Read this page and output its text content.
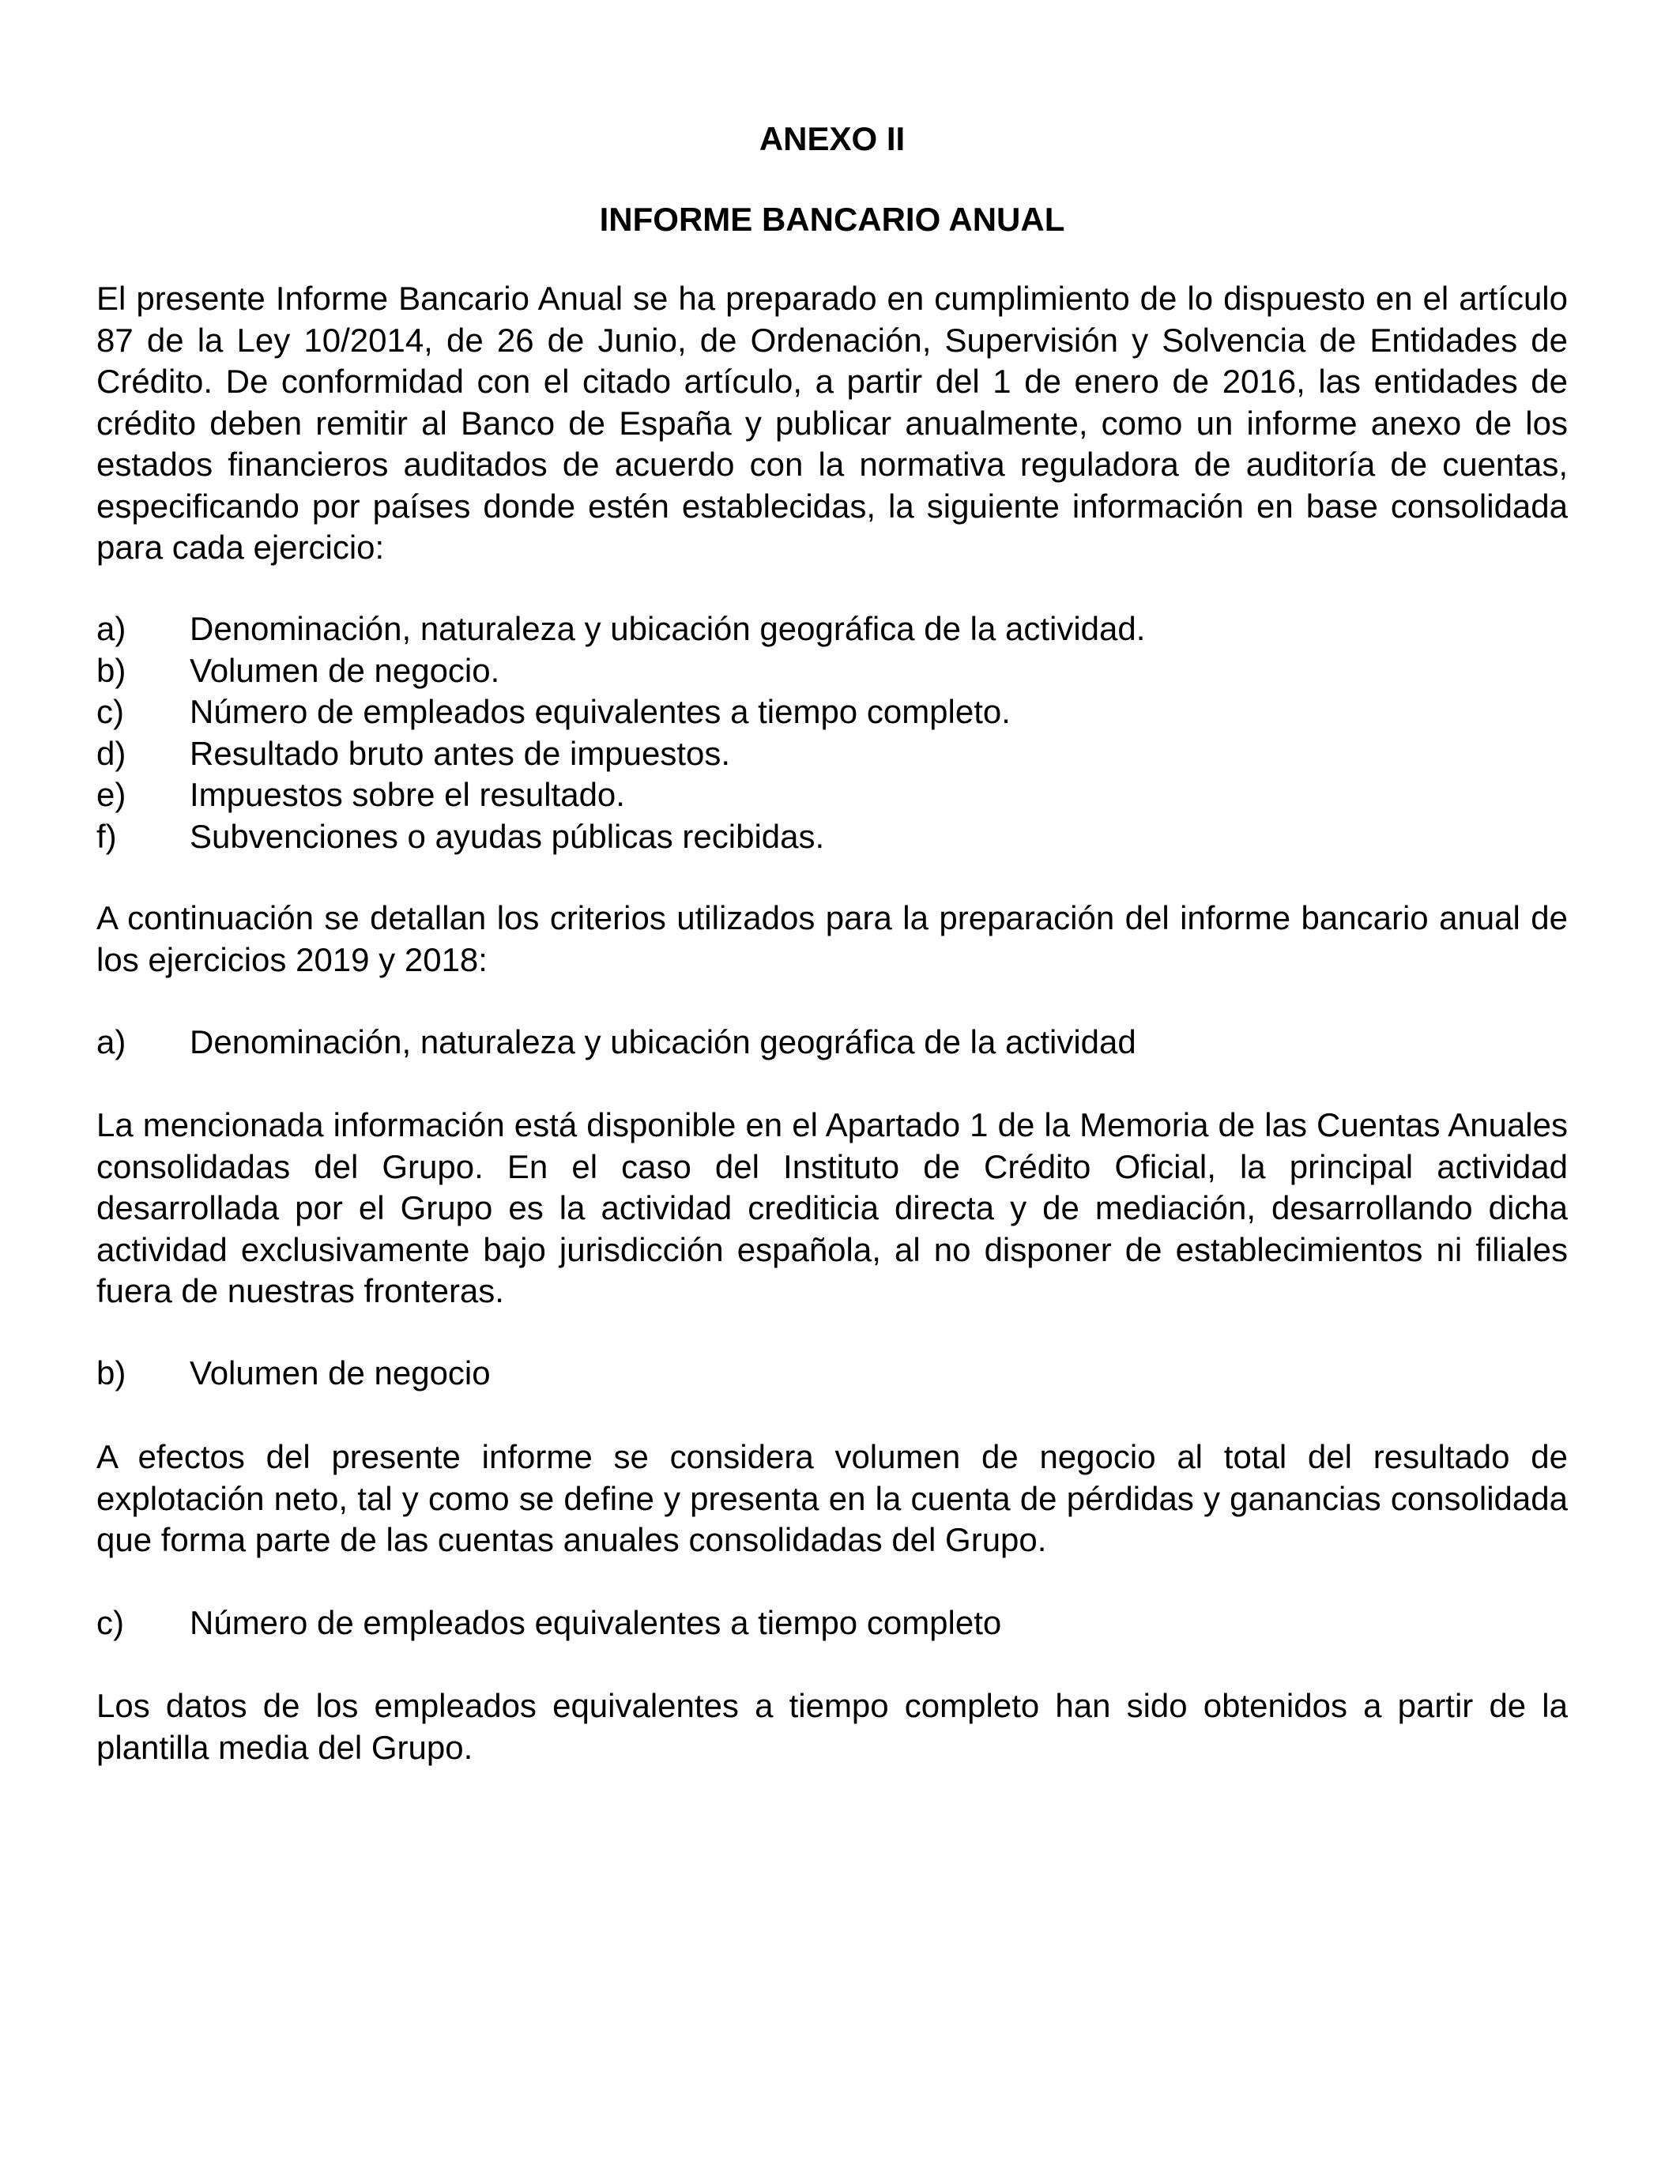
ANEXO II
INFORME BANCARIO ANUAL

El presente Informe Bancario Anual se ha preparado en cumplimiento de lo dispuesto en el artículo 87 de la Ley 10/2014, de 26 de Junio, de Ordenación, Supervisión y Solvencia de Entidades de Crédito. De conformidad con el citado artículo, a partir del 1 de enero de 2016, las entidades de crédito deben remitir al Banco de España y publicar anualmente, como un informe anexo de los estados financieros auditados de acuerdo con la normativa reguladora de auditoría de cuentas, especificando por países donde estén establecidas, la siguiente información en base consolidada para cada ejercicio:

a)	Denominación, naturaleza y ubicación geográfica de la actividad.
b)	Volumen de negocio.
c)	Número de empleados equivalentes a tiempo completo.
d)	Resultado bruto antes de impuestos.
e)	Impuestos sobre el resultado.
f)	Subvenciones o ayudas públicas recibidas.

A continuación se detallan los criterios utilizados para la preparación del informe bancario anual de los ejercicios 2019 y 2018:

a)	Denominación, naturaleza y ubicación geográfica de la actividad

La mencionada información está disponible en el Apartado 1 de la Memoria de las Cuentas Anuales consolidadas del Grupo. En el caso del Instituto de Crédito Oficial, la principal actividad desarrollada por el Grupo es la actividad crediticia directa y de mediación, desarrollando dicha actividad exclusivamente bajo jurisdicción española, al no disponer de establecimientos ni filiales fuera de nuestras fronteras.

b)	Volumen de negocio

A efectos del presente informe se considera volumen de negocio al total del resultado de explotación neto, tal y como se define y presenta en la cuenta de pérdidas y ganancias consolidada que forma parte de las cuentas anuales consolidadas del Grupo.

c)	Número de empleados equivalentes a tiempo completo

Los datos de los empleados equivalentes a tiempo completo han sido obtenidos a partir de la plantilla media del Grupo.
